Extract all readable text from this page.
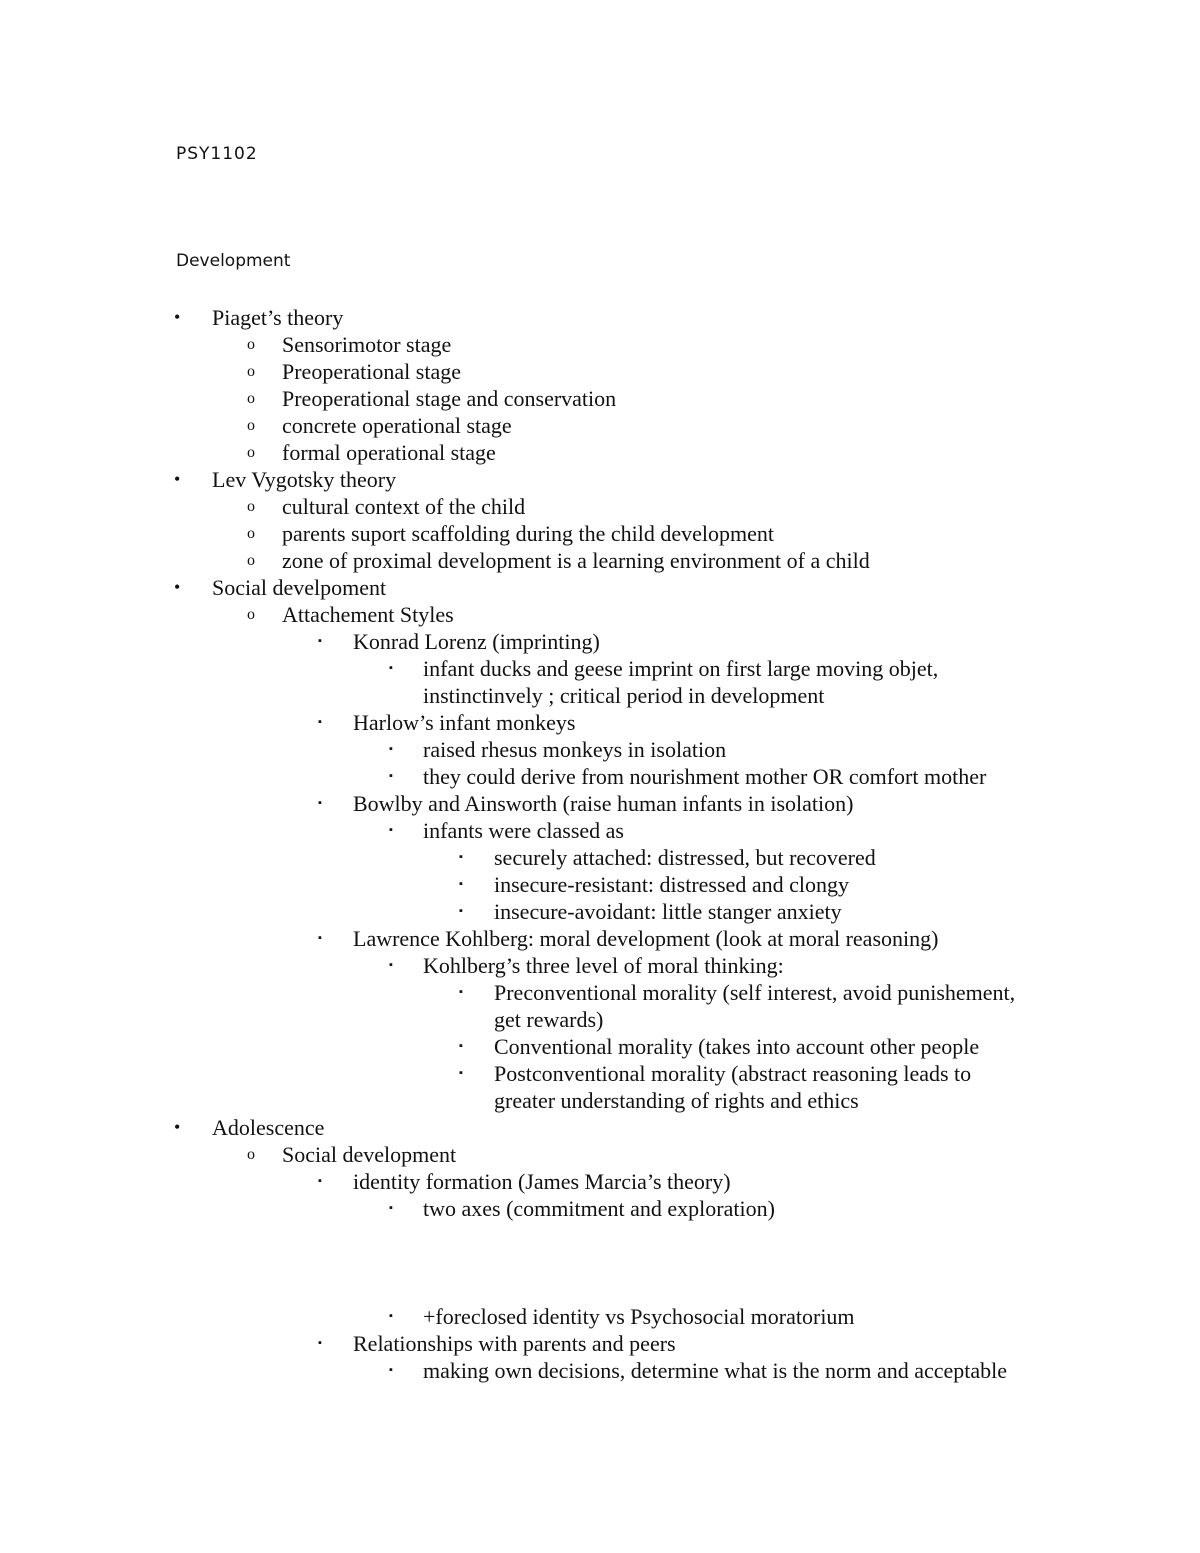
PSY1102
Development
• Piaget’s theory
o Sensorimotor stage
o Preoperational stage
o Preoperational stage and conservation
o concrete operational stage
o formal operational stage
• Lev Vygotsky theory
o cultural context of the child
o parents suport scaffolding during the child development
o zone of proximal development is a learning environment of a child
• Social develpoment
o Attachement Styles
▪ Konrad Lorenz (imprinting)
▪ infant ducks and geese imprint on first large moving objet,
instinctinvely ; critical period in development
▪ Harlow’s infant monkeys
▪ raised rhesus monkeys in isolation
▪ they could derive from nourishment mother OR comfort mother
▪ Bowlby and Ainsworth (raise human infants in isolation)
▪ infants were classed as
▪ securely attached: distressed, but recovered
▪ insecure-resistant: distressed and clongy
▪ insecure-avoidant: little stanger anxiety
▪ Lawrence Kohlberg: moral development (look at moral reasoning)
▪ Kohlberg’s three level of moral thinking:
▪ Preconventional morality (self interest, avoid punishement,
get rewards)
▪ Conventional morality (takes into account other people
▪ Postconventional morality (abstract reasoning leads to
greater understanding of rights and ethics
• Adolescence
o Social development
▪ identity formation (James Marcia’s theory)
▪ two axes (commitment and exploration)
▪ +foreclosed identity vs Psychosocial moratorium
▪ Relationships with parents and peers
▪ making own decisions, determine what is the norm and acceptable
